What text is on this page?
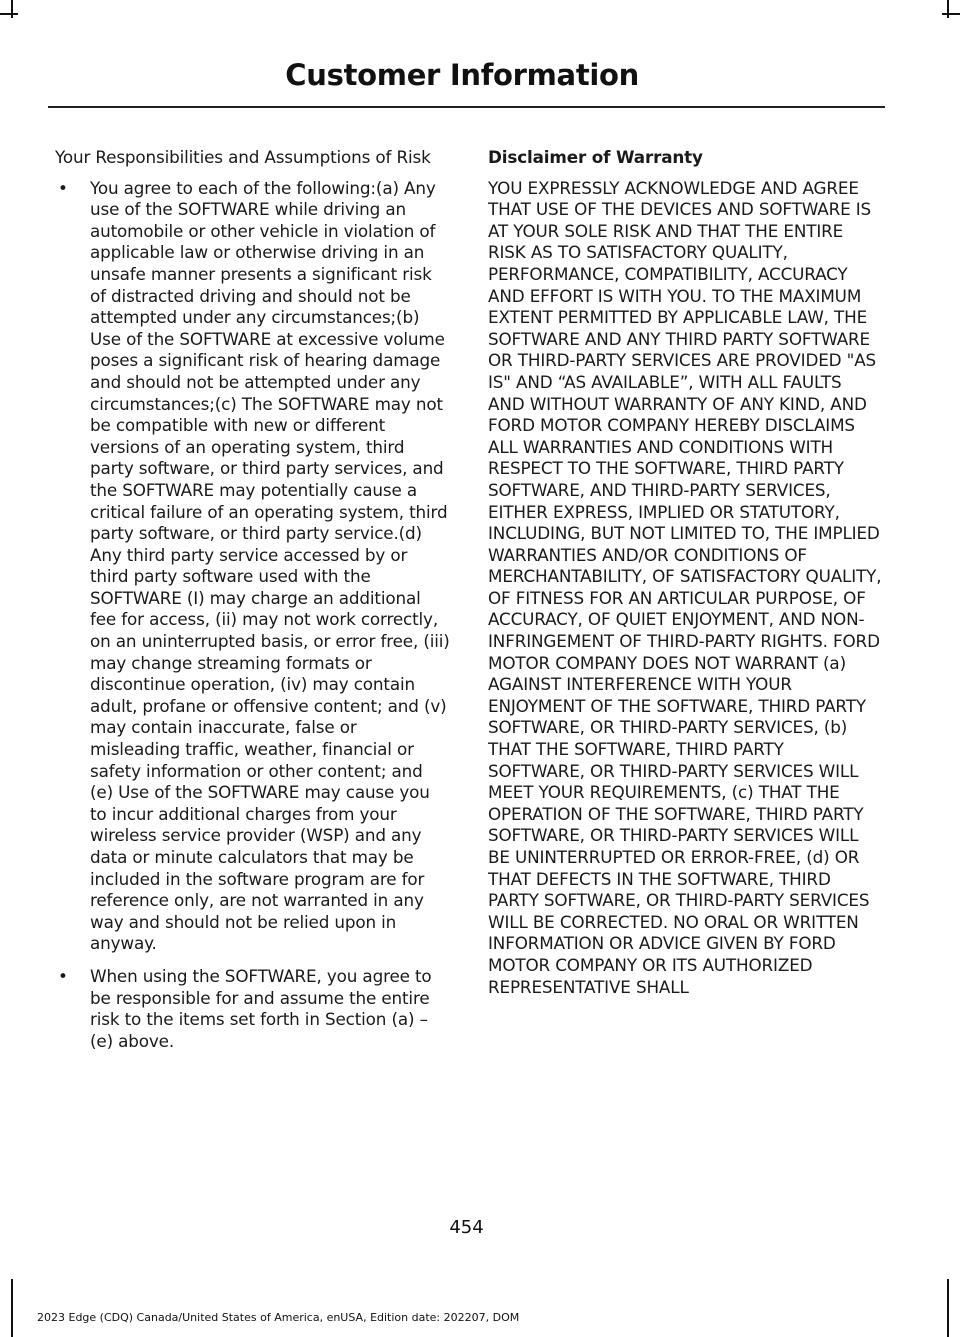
Customer Information

Your Responsibilities and Assumptions of Risk

• You agree to each of the following:(a) Any use of the SOFTWARE while driving an automobile or other vehicle in violation of applicable law or otherwise driving in an unsafe manner presents a significant risk of distracted driving and should not be attempted under any circumstances;(b) Use of the SOFTWARE at excessive volume poses a significant risk of hearing damage and should not be attempted under any circumstances;(c) The SOFTWARE may not be compatible with new or different versions of an operating system, third party software, or third party services, and the SOFTWARE may potentially cause a critical failure of an operating system, third party software, or third party service.(d) Any third party service accessed by or third party software used with the SOFTWARE (I) may charge an additional fee for access, (ii) may not work correctly, on an uninterrupted basis, or error free, (iii) may change streaming formats or discontinue operation, (iv) may contain adult, profane or offensive content; and (v) may contain inaccurate, false or misleading traffic, weather, financial or safety information or other content; and (e) Use of the SOFTWARE may cause you to incur additional charges from your wireless service provider (WSP) and any data or minute calculators that may be included in the software program are for reference only, are not warranted in any way and should not be relied upon in anyway.
• When using the SOFTWARE, you agree to be responsible for and assume the entire risk to the items set forth in Section (a) – (e) above.
Disclaimer of Warranty

YOU EXPRESSLY ACKNOWLEDGE AND AGREE THAT USE OF THE DEVICES AND SOFTWARE IS AT YOUR SOLE RISK AND THAT THE ENTIRE RISK AS TO SATISFACTORY QUALITY, PERFORMANCE, COMPATIBILITY, ACCURACY AND EFFORT IS WITH YOU. TO THE MAXIMUM EXTENT PERMITTED BY APPLICABLE LAW, THE SOFTWARE AND ANY THIRD PARTY SOFTWARE OR THIRD-PARTY SERVICES ARE PROVIDED "AS IS" AND “AS AVAILABLE”, WITH ALL FAULTS AND WITHOUT WARRANTY OF ANY KIND, AND FORD MOTOR COMPANY HEREBY DISCLAIMS ALL WARRANTIES AND CONDITIONS WITH RESPECT TO THE SOFTWARE, THIRD PARTY SOFTWARE, AND THIRD-PARTY SERVICES, EITHER EXPRESS, IMPLIED OR STATUTORY, INCLUDING, BUT NOT LIMITED TO, THE IMPLIED WARRANTIES AND/OR CONDITIONS OF MERCHANTABILITY, OF SATISFACTORY QUALITY, OF FITNESS FOR AN ARTICULAR PURPOSE, OF ACCURACY, OF QUIET ENJOYMENT, AND NON-INFRINGEMENT OF THIRD-PARTY RIGHTS. FORD MOTOR COMPANY DOES NOT WARRANT (a) AGAINST INTERFERENCE WITH YOUR ENJOYMENT OF THE SOFTWARE, THIRD PARTY SOFTWARE, OR THIRD-PARTY SERVICES, (b) THAT THE SOFTWARE, THIRD PARTY SOFTWARE, OR THIRD-PARTY SERVICES WILL MEET YOUR REQUIREMENTS, (c) THAT THE OPERATION OF THE SOFTWARE, THIRD PARTY SOFTWARE, OR THIRD-PARTY SERVICES WILL BE UNINTERRUPTED OR ERROR-FREE, (d) OR THAT DEFECTS IN THE SOFTWARE, THIRD PARTY SOFTWARE, OR THIRD-PARTY SERVICES WILL BE CORRECTED. NO ORAL OR WRITTEN INFORMATION OR ADVICE GIVEN BY FORD MOTOR COMPANY OR ITS AUTHORIZED REPRESENTATIVE SHALL

454
2023 Edge (CDQ) Canada/United States of America, enUSA, Edition date: 202207, DOM
